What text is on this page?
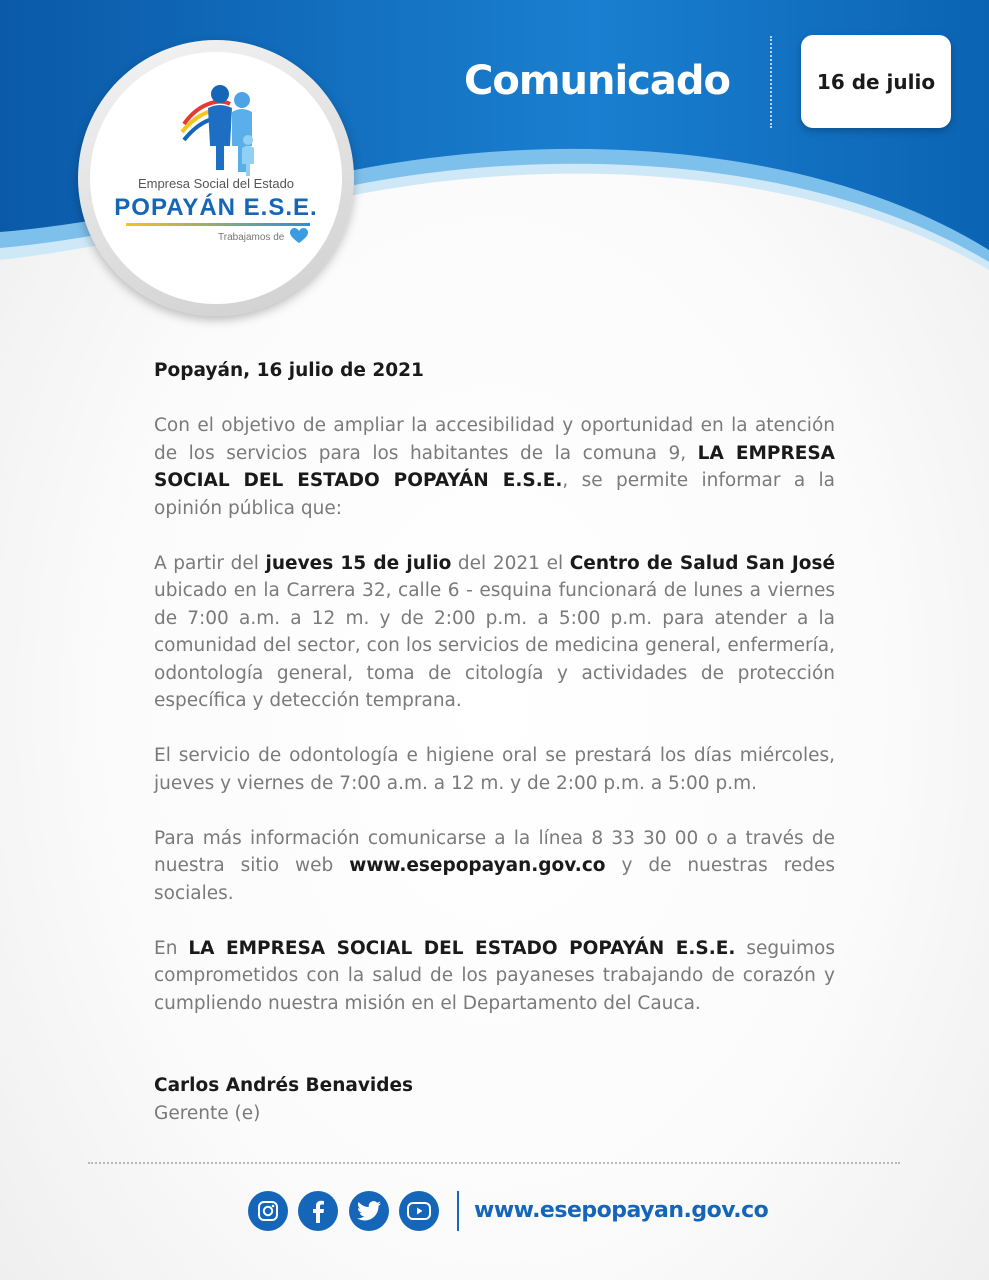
Comunicado	16 de julio
Empresa Social del Estado
POPAYÁN E.S.E.
Trabajamos de

Popayán, 16 julio de 2021

Con el objetivo de ampliar la accesibilidad y oportunidad en la atención de los servicios para los habitantes de la comuna 9, LA EMPRESA SOCIAL DEL ESTADO POPAYÁN E.S.E., se permite informar a la opinión pública que:

A partir del jueves 15 de julio del 2021 el Centro de Salud San José ubicado en la Carrera 32, calle 6 - esquina funcionará de lunes a viernes de 7:00 a.m. a 12 m. y de 2:00 p.m. a 5:00 p.m. para atender a la comunidad del sector, con los servicios de medicina general, enfermería, odontología general, toma de citología y actividades de protección específica y detección temprana.

El servicio de odontología e higiene oral se prestará los días miércoles, jueves y viernes de 7:00 a.m. a 12 m. y de 2:00 p.m. a 5:00 p.m.

Para más información comunicarse a la línea 8 33 30 00 o a través de nuestra sitio web www.esepopayan.gov.co y de nuestras redes sociales.

En LA EMPRESA SOCIAL DEL ESTADO POPAYÁN E.S.E. seguimos comprometidos con la salud de los payaneses trabajando de corazón y cumpliendo nuestra misión en el Departamento del Cauca.

Carlos Andrés Benavides

Gerente (e)

www.esepopayan.gov.co
